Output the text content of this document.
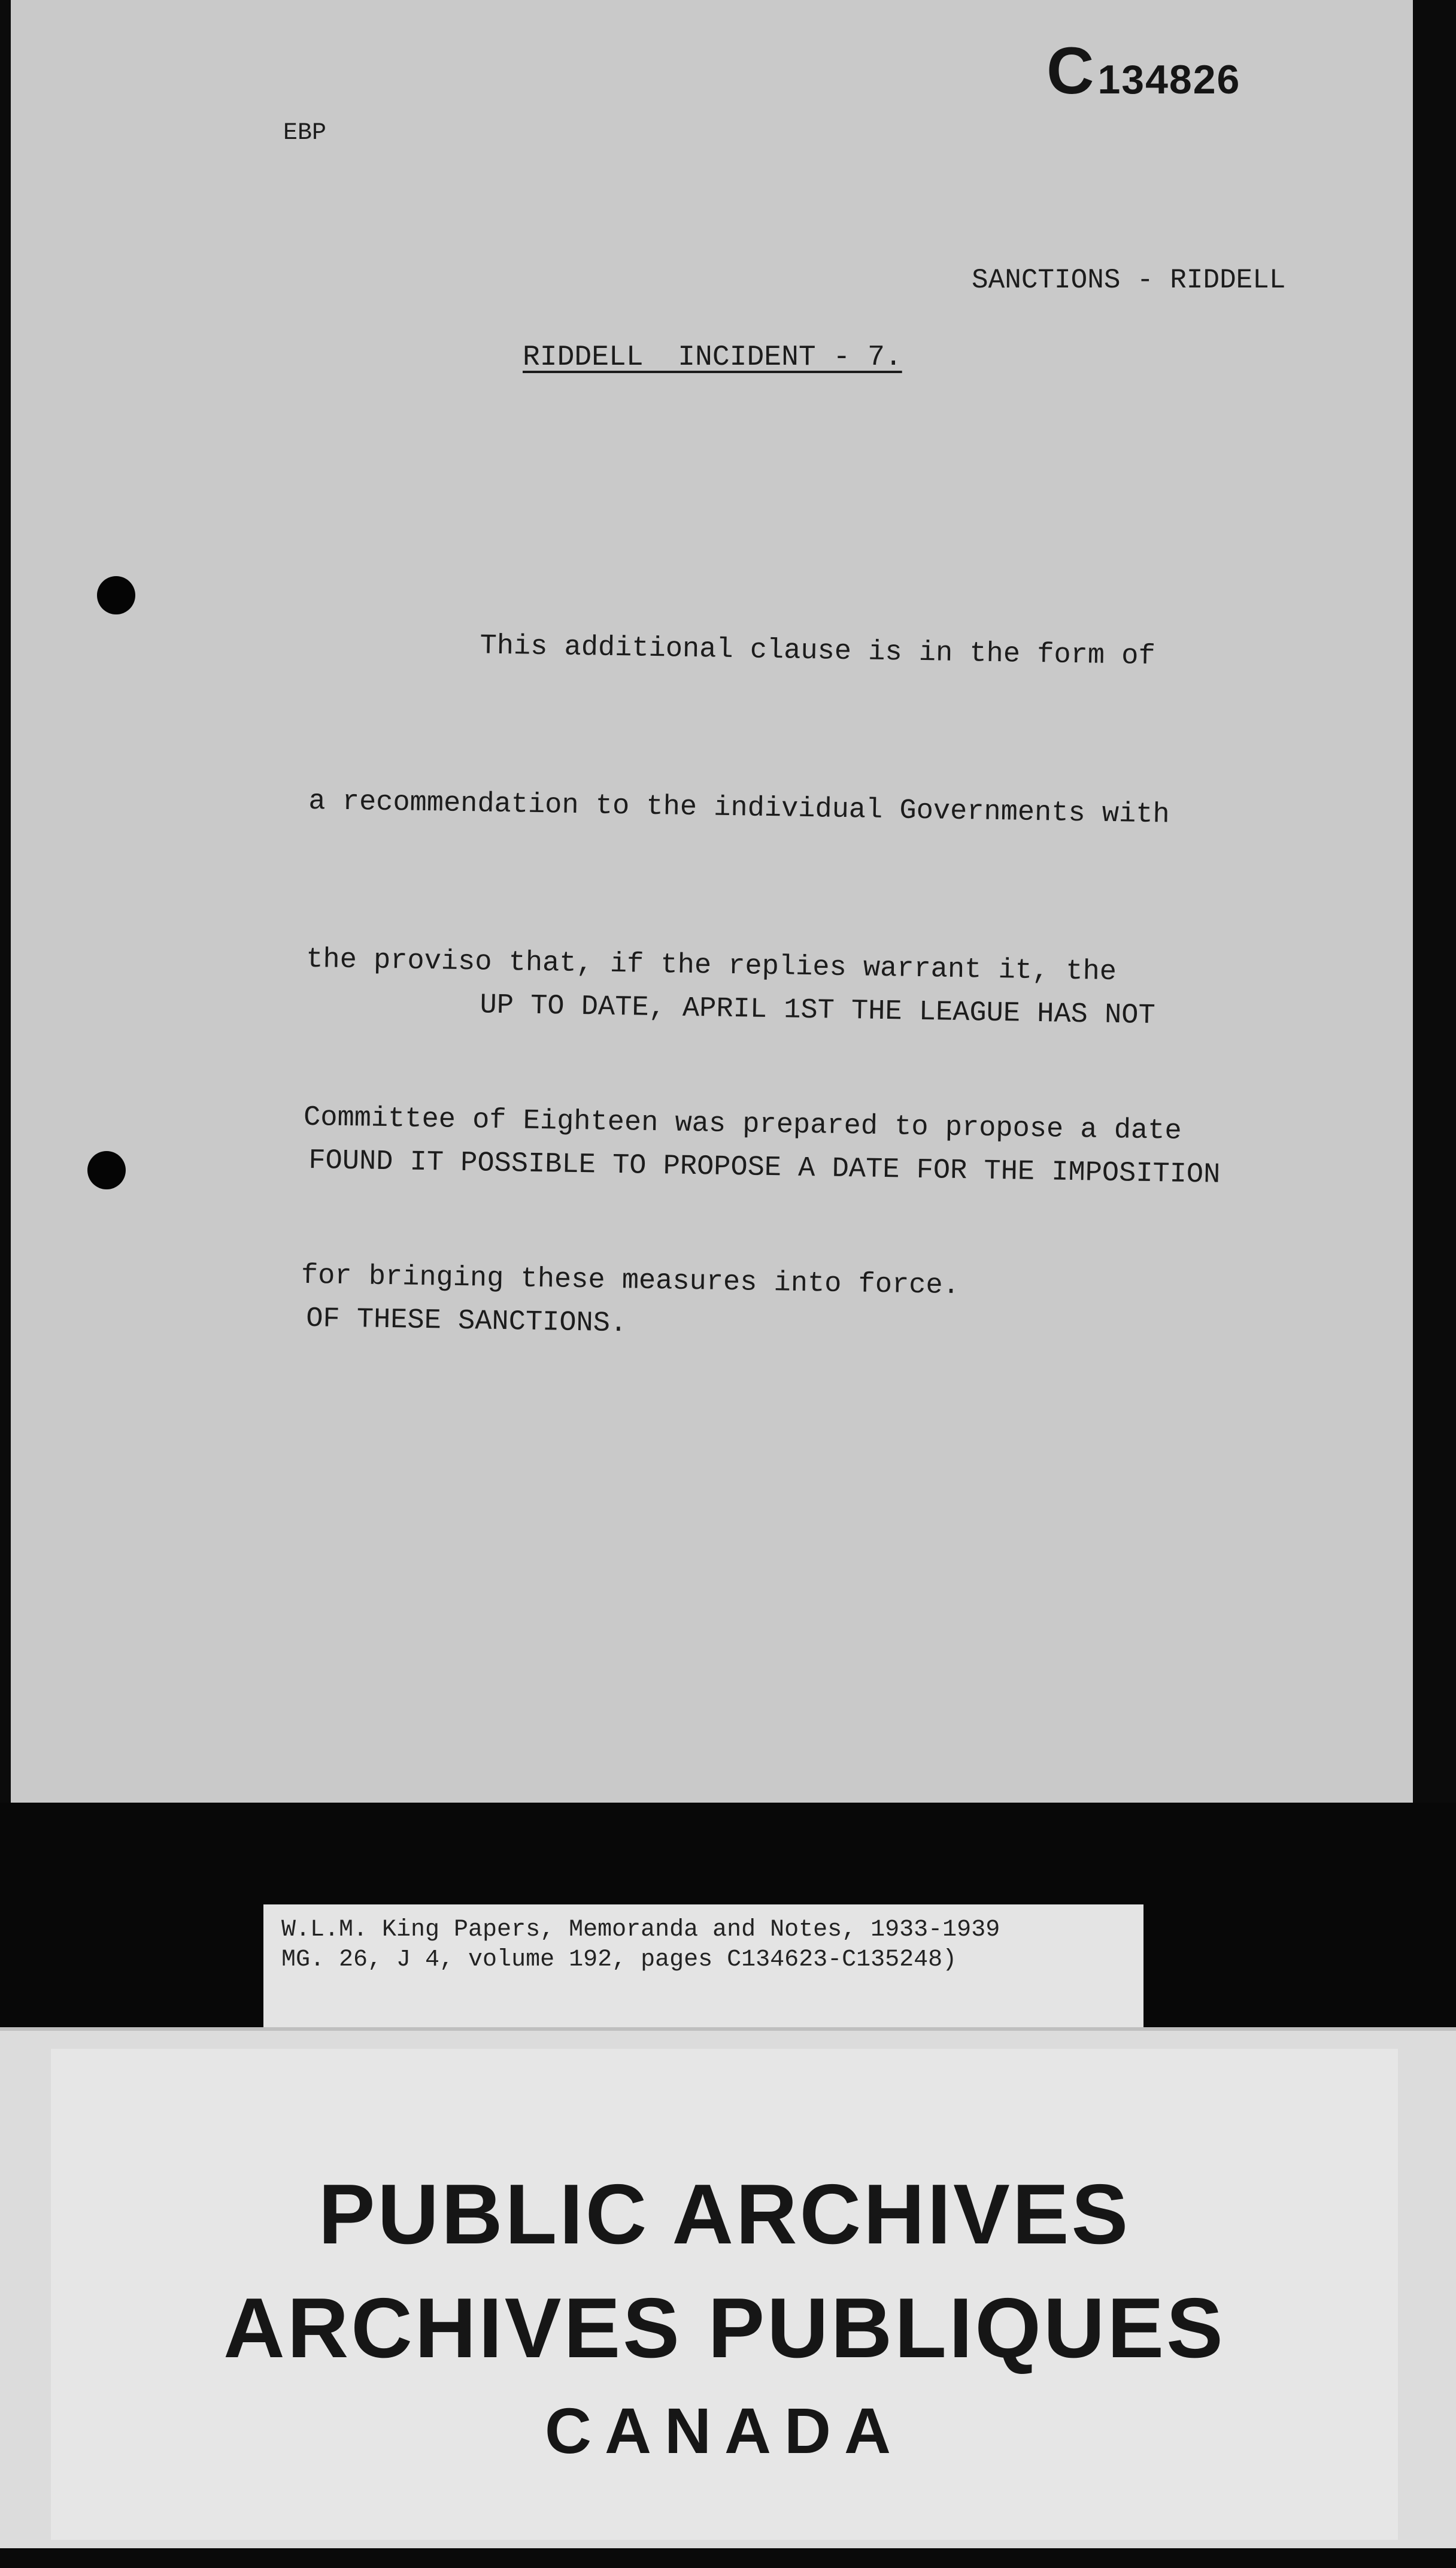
C134826
EBP
SANCTIONS - RIDDELL
RIDDELL  INCIDENT - 7.

This additional clause is in the form of

a recommendation to the individual Governments with

the proviso that, if the replies warrant it, the

Committee of Eighteen was prepared to propose a date

for bringing these measures into force.

UP TO DATE, APRIL 1ST THE LEAGUE HAS NOT

FOUND IT POSSIBLE TO PROPOSE A DATE FOR THE IMPOSITION

OF THESE SANCTIONS.

W.L.M. King Papers, Memoranda and Notes, 1933-1939
MG. 26, J 4, volume 192, pages C134623-C135248)
PUBLIC ARCHIVES
ARCHIVES PUBLIQUES
CANADA
